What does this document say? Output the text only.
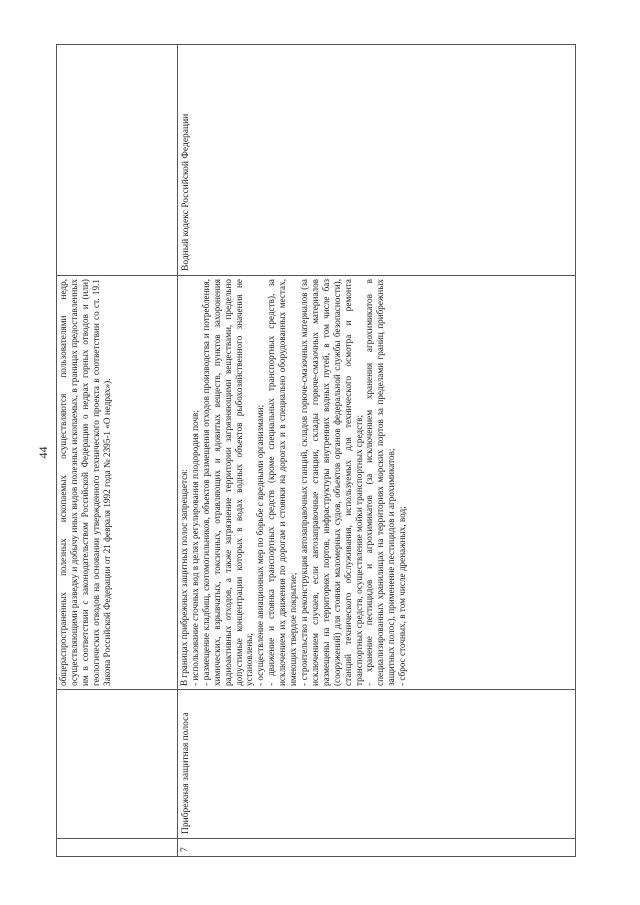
44 общераспространенных полезных ископаемых осуществляются пользователями недр, осуществляющими разведку и добычу иных видов полезных ископаемых, в границах предоставленных им в соответствии с законодательством Российской Федерации о недрах горных отводов и (или) геологических отводов на основании утвержденного технического проекта в соответствии со ст. 19.1 Закона Российской Федерации от 21 февраля 1992 года № 2395-1 «О недрах»).

7
Прибрежная защитная полоса

В границах прибрежных защитных полос запрещается: - использование сточных вод в целях регулирования плодородия почв; - размещение кладбищ, скотомогильников, объектов размещения отходов производства и потребления, химических, взрывчатых, токсичных, отравляющих и ядовитых веществ, пунктов захоронения радиоактивных отходов, а также загрязнение территории загрязняющими веществами, предельно допустимые концентрации которых в водах водных объектов рыбохозяйственного значения не установлены; - осуществление авиационных мер по борьбе с вредными организмами; - движение и стоянка транспортных средств (кроме специальных транспортных средств), за исключением их движения по дорогам и стоянки на дорогах и в специально оборудованных местах, имеющих твердое покрытие; - строительство и реконструкция автозаправочных станций, складов горюче-смазочных материалов (за исключением случаев, если автозаправочные станции, склады горюче-смазочных материалов размещены на территориях портов, инфраструктуры внутренних водных путей, в том числе баз (сооружений) для стоянки маломерных судов, объектов органов федеральной службы безопасности), станций технического обслуживания, используемых для технического осмотра и ремонта транспортных средств, осуществление мойки транспортных средств; - хранение пестицидов и агрохимикатов (за исключением хранения агрохимикатов в специализированных хранилищах на территориях морских портов за пределами границ прибрежных защитных полос), применение пестицидов и агрохимикатов; - сброс сточных, в том числе дренажных, вод;

Водный кодекс Российской Федерации
